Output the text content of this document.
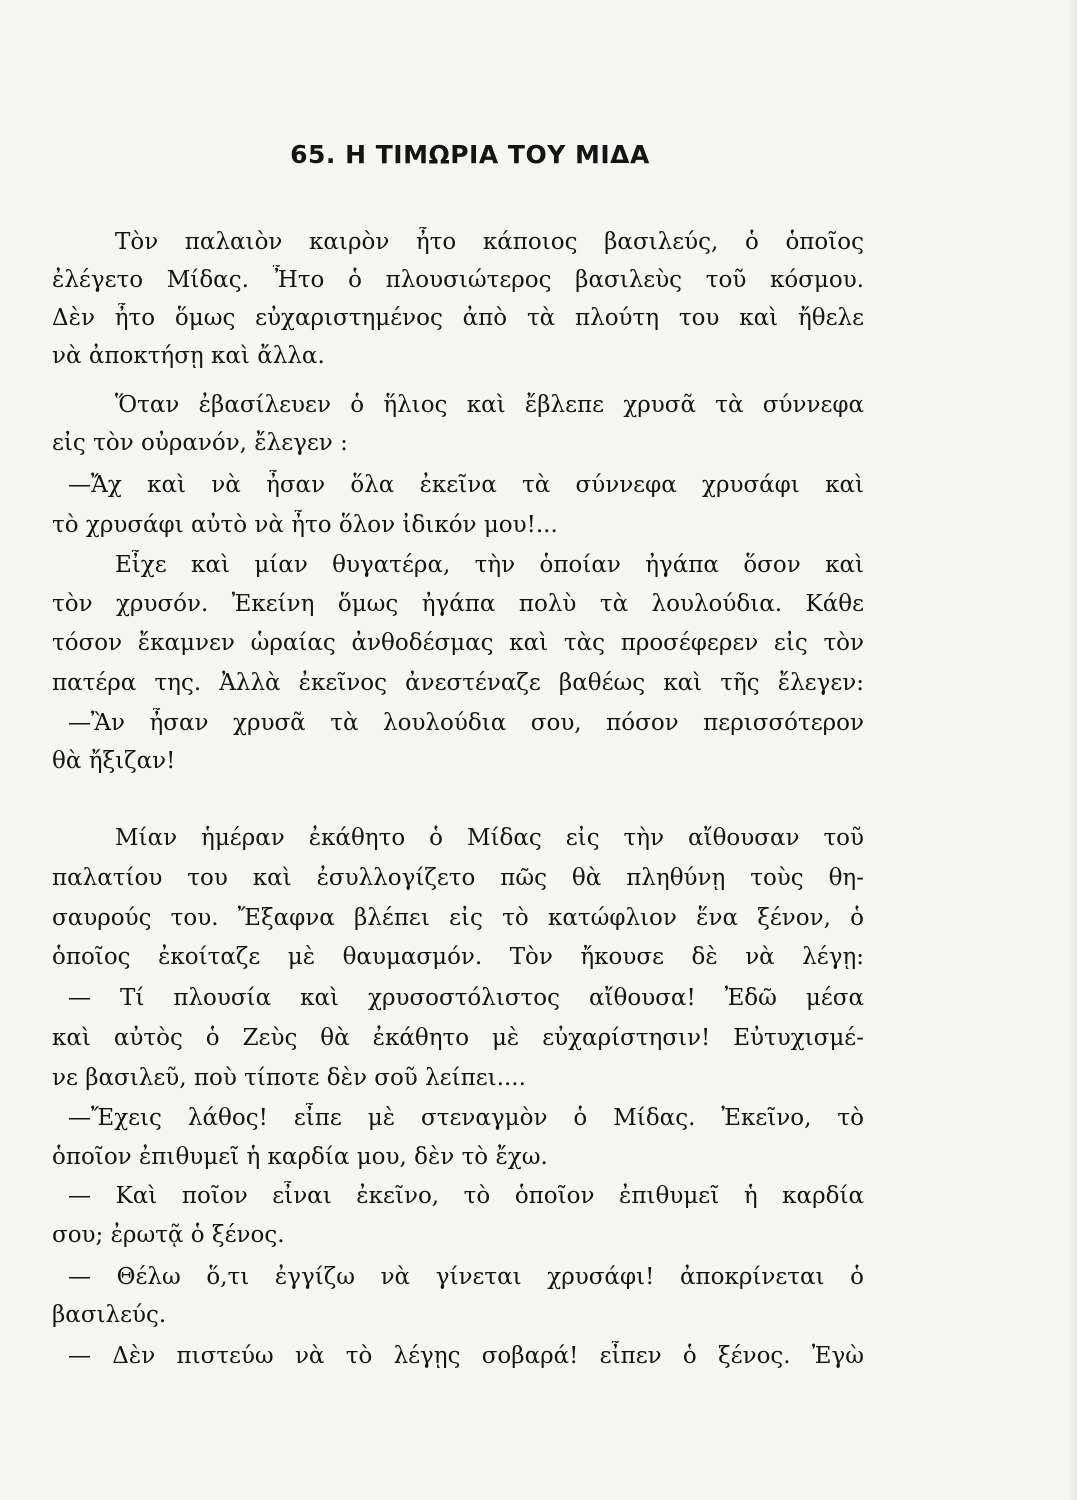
65. Η ΤΙΜΩΡΙΑ ΤΟΥ ΜΙΔΑ
Τὸν παλαιὸν καιρὸν ἦτο κάποιος βασιλεύς, ὁ ὁποῖος
ἐλέγετο Μίδας. Ἦτο ὁ πλουσιώτερος βασιλεὺς τοῦ κόσμου.
Δὲν ἦτο ὅμως εὐχαριστημένος ἀπὸ τὰ πλούτη του καὶ ἤθελε
νὰ ἀποκτήσῃ καὶ ἄλλα.
Ὅταν ἐβασίλευεν ὁ ἥλιος καὶ ἔβλεπε χρυσᾶ τὰ σύννεφα
εἰς τὸν οὐρανόν, ἔλεγεν :
—Ἄχ καὶ νὰ ἦσαν ὅλα ἐκεῖνα τὰ σύννεφα χρυσάφι καὶ
τὸ χρυσάφι αὐτὸ νὰ ἦτο ὅλον ἰδικόν μου!...
Εἶχε καὶ μίαν θυγατέρα, τὴν ὁποίαν ἠγάπα ὅσον καὶ
τὸν χρυσόν. Ἐκείνη ὅμως ἠγάπα πολὺ τὰ λουλούδια. Κάθε
τόσον ἔκαμνεν ὡραίας ἀνθοδέσμας καὶ τὰς προσέφερεν εἰς τὸν
πατέρα της. Ἀλλὰ ἐκεῖνος ἀνεστέναζε βαθέως καὶ τῆς ἔλεγεν:
—Ἂν ἦσαν χρυσᾶ τὰ λουλούδια σου, πόσον περισσότερον
θὰ ἤξιζαν!
Μίαν ἡμέραν ἐκάθητο ὁ Μίδας εἰς τὴν αἴθουσαν τοῦ
παλατίου του καὶ ἐσυλλογίζετο πῶς θὰ πληθύνῃ τοὺς θη-
σαυρούς του. Ἔξαφνα βλέπει εἰς τὸ κατώφλιον ἕνα ξένον, ὁ
ὁποῖος ἐκοίταζε μὲ θαυμασμόν. Τὸν ἤκουσε δὲ νὰ λέγῃ:
— Τί πλουσία καὶ χρυσοστόλιστος αἴθουσα! Ἐδῶ μέσα
καὶ αὐτὸς ὁ Ζεὺς θὰ ἐκάθητο μὲ εὐχαρίστησιν! Εὐτυχισμέ-
νε βασιλεῦ, ποὺ τίποτε δὲν σοῦ λείπει....
—Ἔχεις λάθος! εἶπε μὲ στεναγμὸν ὁ Μίδας. Ἐκεῖνο, τὸ
ὁποῖον ἐπιθυμεῖ ἡ καρδία μου, δὲν τὸ ἔχω.
— Καὶ ποῖον εἶναι ἐκεῖνο, τὸ ὁποῖον ἐπιθυμεῖ ἡ καρδία
σου; ἐρωτᾷ ὁ ξένος.
— Θέλω ὅ,τι ἐγγίζω νὰ γίνεται χρυσάφι! ἀποκρίνεται ὁ
βασιλεύς.
— Δὲν πιστεύω νὰ τὸ λέγῃς σοβαρά! εἶπεν ὁ ξένος. Ἐγὼ
